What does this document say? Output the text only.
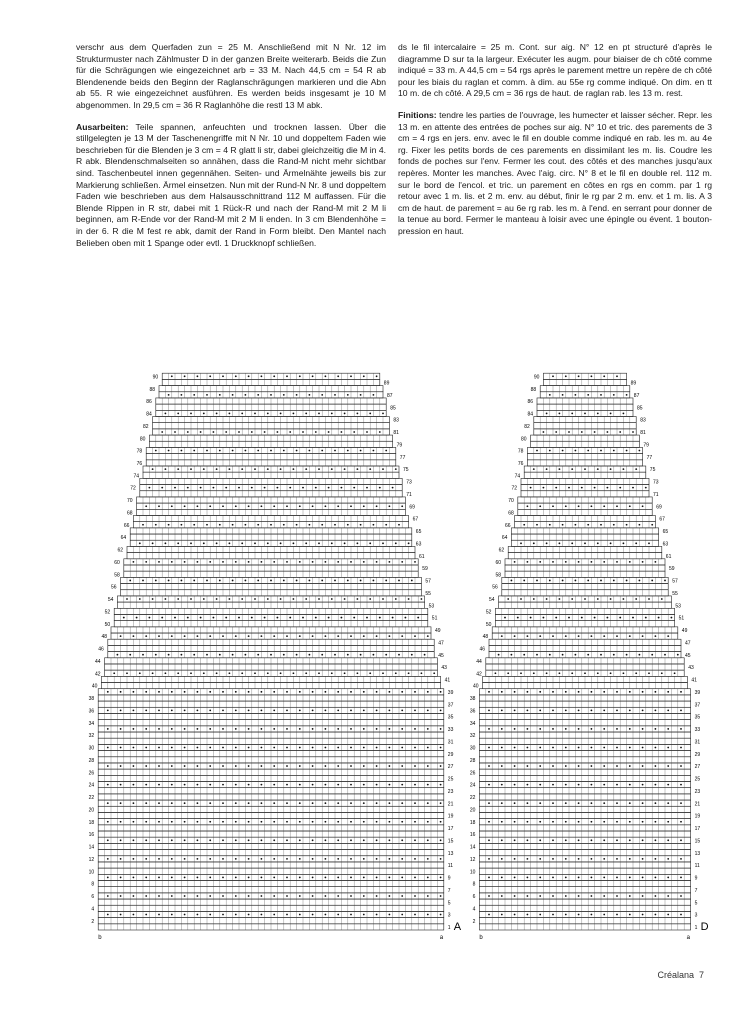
verschr aus dem Querfaden zun = 25 M. Anschließend mit N Nr. 12 im Strukturmuster nach Zählmuster D in der ganzen Breite weiterarb. Beids die Zun für die Schrägungen wie eingezeichnet arb = 33 M. Nach 44,5 cm = 54 R ab Blendenende beids den Beginn der Raglanschrägungen markieren und die Abn ab 55. R wie eingezeichnet ausführen. Es werden beids insgesamt je 10 M abgenommen. In 29,5 cm = 36 R Raglanhöhe die restl 13 M abk.

Ausarbeiten: Teile spannen, anfeuchten und trocknen lassen. Über die stillgelegten je 13 M der Taschenengriffe mit N Nr. 10 und doppeltem Faden wie beschrieben für die Blenden je 3 cm = 4 R glatt li str, dabei gleichzeitig die M in 4. R abk. Blendenschmalseiten so annähen, dass die Rand-M nicht mehr sichtbar sind. Taschenbeutel innen gegennähen. Seiten- und Ärmelnähte jeweils bis zur Markierung schließen. Ärmel einsetzen. Nun mit der Rund-N Nr. 8 und doppeltem Faden wie beschrieben aus dem Halsausschnittrand 112 M auffassen. Für die Blende Rippen in R str, dabei mit 1 Rück-R und nach der Rand-M mit 2 M li beginnen, am R-Ende vor der Rand-M mit 2 M li enden. In 3 cm Blendenhöhe = in der 6. R die M fest re abk, damit der Rand in Form bleibt. Den Mantel nach Belieben oben mit 1 Spange oder evtl. 1 Druckknopf schließen.

ds le fil intercalaire = 25 m. Cont. sur aig. N° 12 en pt structuré d'après le diagramme D sur ta la largeur. Exécuter les augm. pour biaiser de ch côté comme indiqué = 33 m. A 44,5 cm = 54 rgs après le parement mettre un repère de ch côté pour les biais du raglan et comm. à dim. au 55e rg comme indiqué. On dim. en tt 10 m. de ch côté. A 29,5 cm = 36 rgs de haut. de raglan rab. les 13 m. rest.

Finitions: tendre les parties de l'ouvrage, les humecter et laisser sécher. Repr. les 13 m. en attente des entrées de poches sur aig. N° 10 et tric. des parements de 3 cm = 4 rgs en jers. env. avec le fil en double comme indiqué en rab. les m. au 4e rg. Fixer les petits bords de ces parements en dissimilant les m. lis. Coudre les fonds de poches sur l'env. Fermer les cout. des côtés et des manches jusqu'aux repères. Monter les manches. Avec l'aig. circ. N° 8 et le fil en double rel. 112 m. sur le bord de l'encol. et tric. un parement en côtes en rgs en comm. par 1 rg retour avec 1 m. lis. et 2 m. env. au début, finir le rg par 2 m. env. et 1 m. lis. A 3 cm de haut. de parement = au 6e rg rab. les m. à l'end. en serrant pour donner de la tenue au bord. Fermer le manteau à loisir avec une épingle ou évent. 1 bouton-pression en haut.

1
2
3
4
5
6
7
8
9
10
11
12
13
14
15
16
17
18
19
20
21
22
23
24
25
26
27
28
29
30
31
32
33
34
35
36
37
38
39
40
41
42
43
44
45
46
47
48
49
50
51
52
53
54
55
56
57
58
59
60
61
62
63
64
65
66
67
68
69
70
71
72
73
74
75
76
77
78
79
80
81
82
83
84
85
86
87
88
89
90
b	a
A	1
2
3
4
5
6
7
8
9
10
11
12
13
14
15
16
17
18
19
20
21
22
23
24
25
26
27
28
29
30
31
32
33
34
35
36
37
38
39
40
41
42
43
44
45
46
47
48
49
50
51
52
53
54
55
56
57
58
59
60
61
62
63
64
65
66
67
68
69
70
71
72
73
74
75
76
77
78
79
80
81
82
83
84
85
86
87
88
89
90
b	a
D
Créalana 7
